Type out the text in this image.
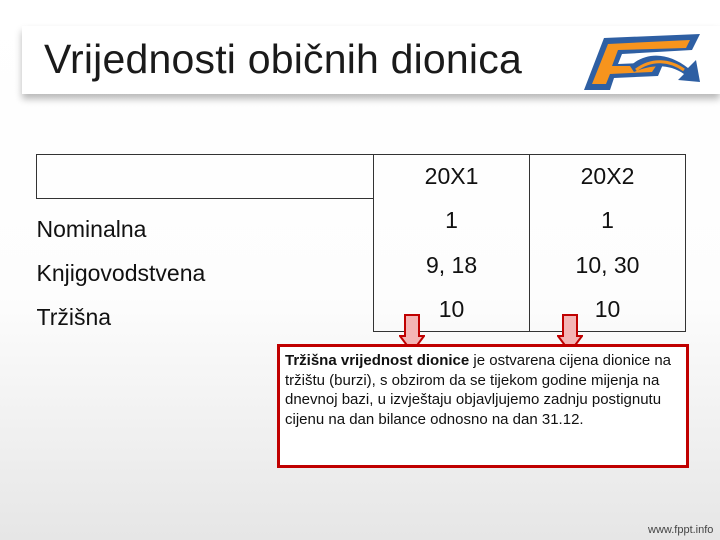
Vrijednosti običnih dionica
	20X1	20X2
Nominalna	1	1
Knjigovodstvena	9, 18	10, 30
Tržišna	10	10
Tržišna vrijednost dionice je ostvarena cijena dionice na tržištu (burzi), s obzirom da se tijekom godine mijenja na dnevnoj bazi, u izvještaju objavljujemo zadnju postignutu cijenu na dan bilance odnosno na dan 31.12.
www.fppt.info
